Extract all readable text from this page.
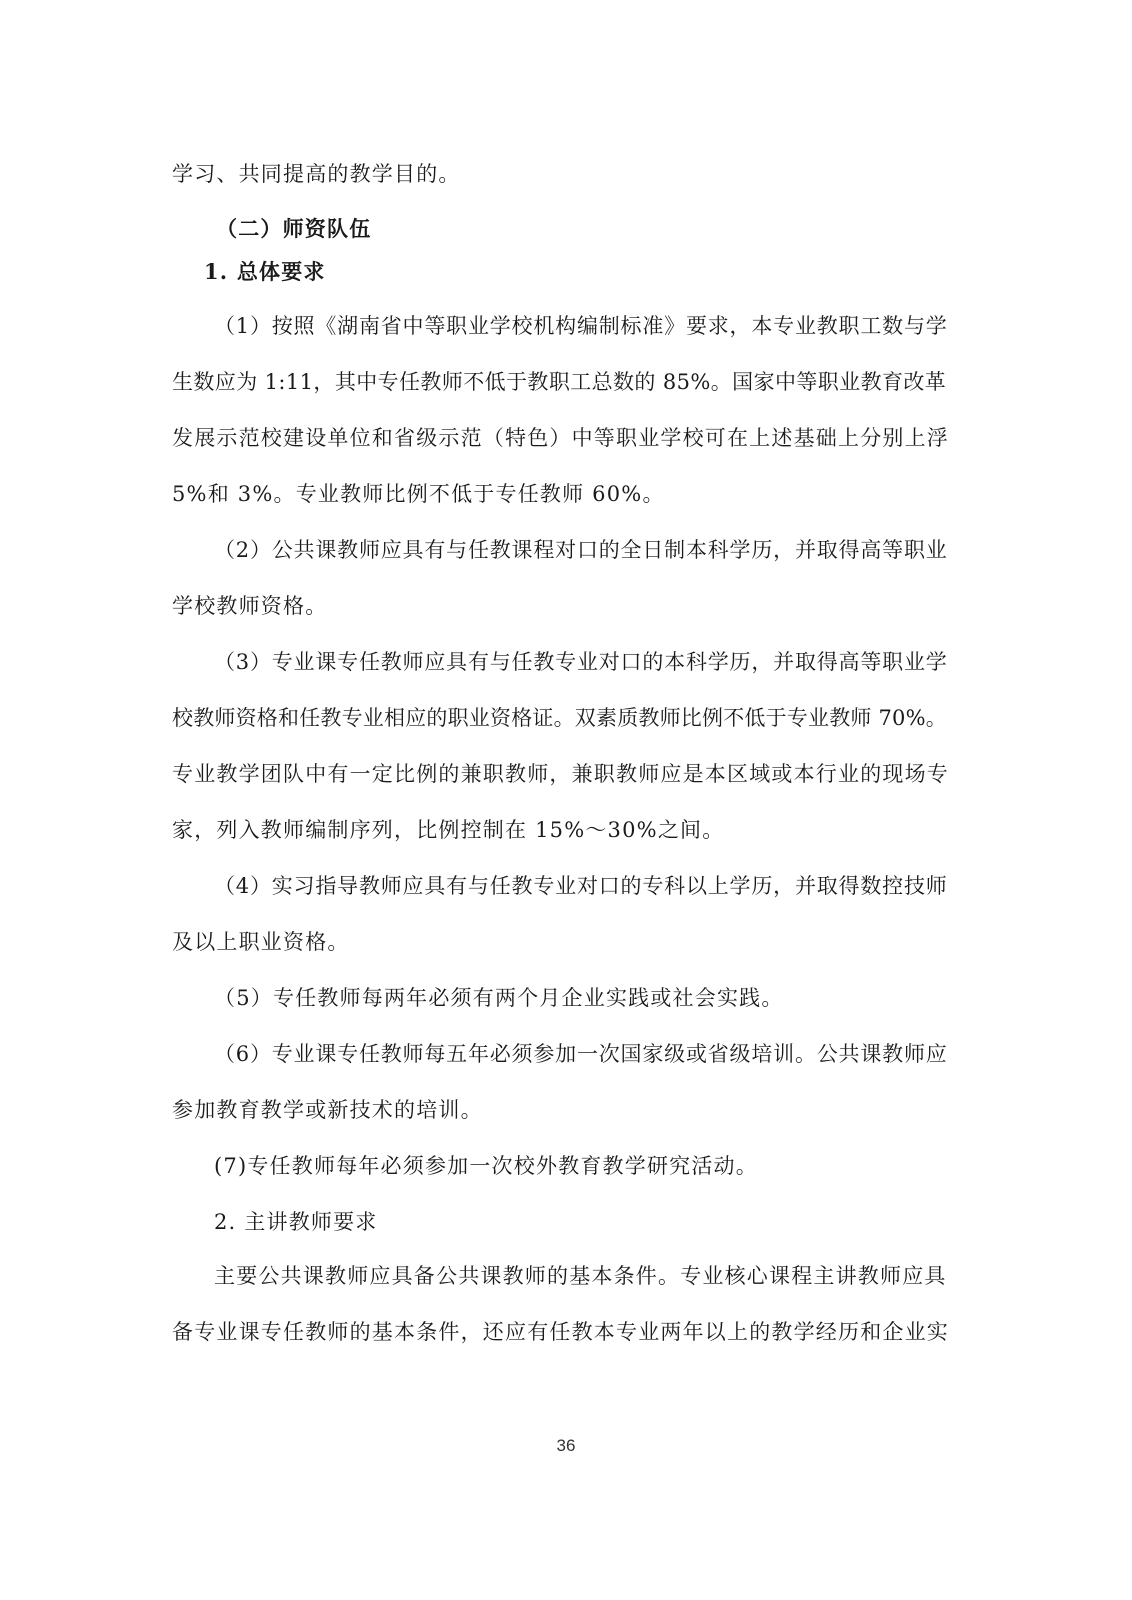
学习、共同提高的教学目的。
（二）师资队伍
1. 总体要求
（1）按照《湖南省中等职业学校机构编制标准》要求，本专业教职工数与学
生数应为 1:11，其中专任教师不低于教职工总数的 85%。国家中等职业教育改革
发展示范校建设单位和省级示范（特色）中等职业学校可在上述基础上分别上浮
5%和 3%。专业教师比例不低于专任教师 60%。
（2）公共课教师应具有与任教课程对口的全日制本科学历，并取得高等职业
学校教师资格。
（3）专业课专任教师应具有与任教专业对口的本科学历，并取得高等职业学
校教师资格和任教专业相应的职业资格证。双素质教师比例不低于专业教师 70%。
专业教学团队中有一定比例的兼职教师，兼职教师应是本区域或本行业的现场专
家，列入教师编制序列，比例控制在 15%～30%之间。
（4）实习指导教师应具有与任教专业对口的专科以上学历，并取得数控技师
及以上职业资格。
（5）专任教师每两年必须有两个月企业实践或社会实践。
（6）专业课专任教师每五年必须参加一次国家级或省级培训。公共课教师应
参加教育教学或新技术的培训。
(7)专任教师每年必须参加一次校外教育教学研究活动。
2. 主讲教师要求
主要公共课教师应具备公共课教师的基本条件。专业核心课程主讲教师应具
备专业课专任教师的基本条件，还应有任教本专业两年以上的教学经历和企业实
36
